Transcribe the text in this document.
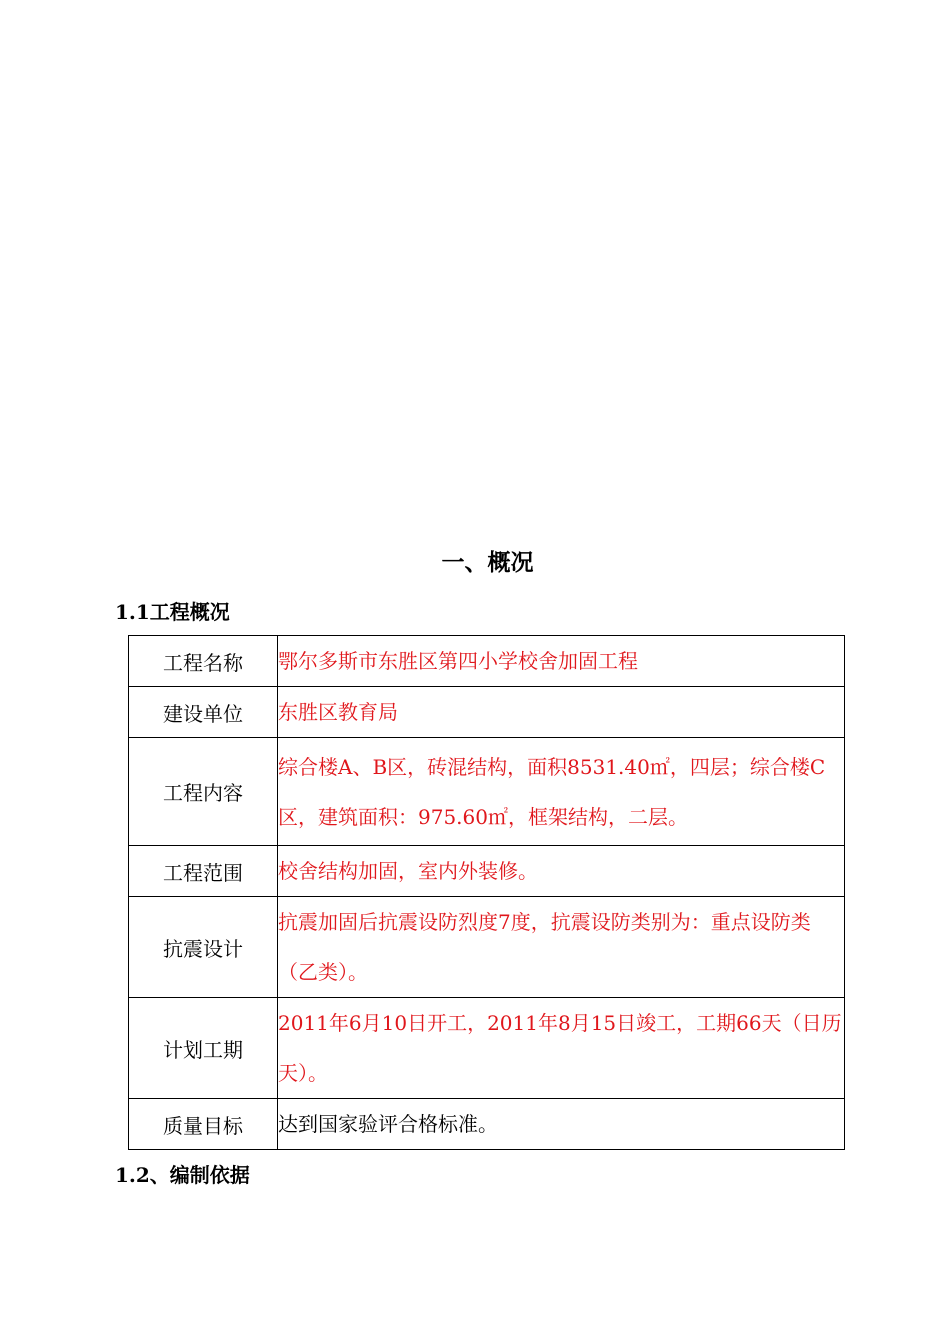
一、概况
1.1工程概况
工程名称	鄂尔多斯市东胜区第四小学校舍加固工程
建设单位	东胜区教育局
工程内容	综合楼A、B区，砖混结构，面积8531.40㎡，四层；综合楼C区，建筑面积：975.60㎡，框架结构，二层。
工程范围	校舍结构加固，室内外装修。
抗震设计	抗震加固后抗震设防烈度7度，抗震设防类别为：重点设防类（乙类）。
计划工期	2011年6月10日开工，2011年8月15日竣工，工期66天（日历天）。
质量目标	达到国家验评合格标准。
1.2、编制依据
